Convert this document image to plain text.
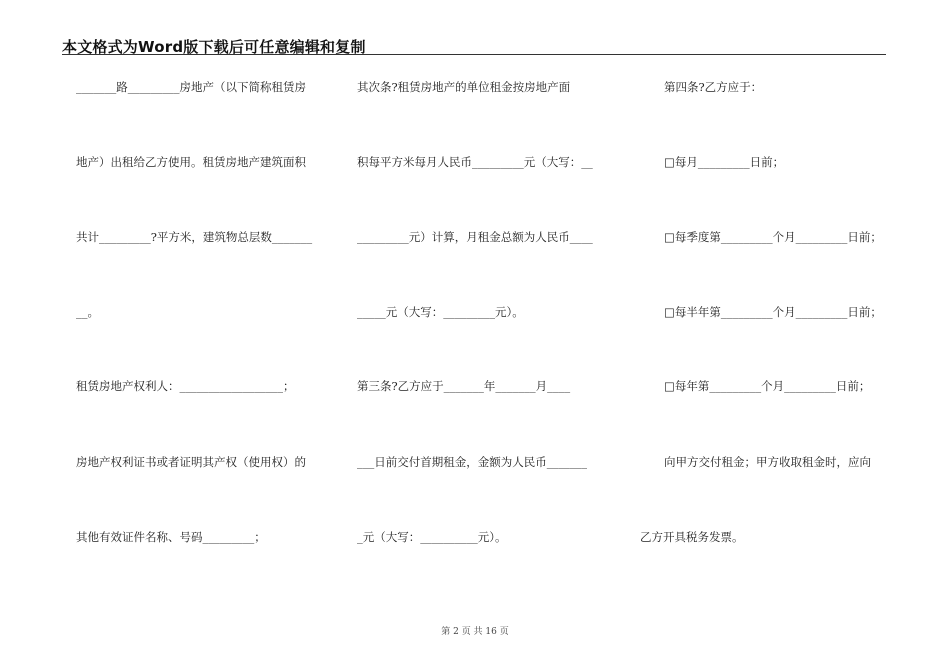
本文格式为Word版下载后可任意编辑和复制
_______路_________房地产（以下简称租赁房
地产）出租给乙方使用。租赁房地产建筑面积
共计_________?平方米，建筑物总层数_______
__。
租赁房地产权利人：__________________；
房地产权利证书或者证明其产权（使用权）的
其他有效证件名称、号码_________；
其次条?租赁房地产的单位租金按房地产面
积每平方米每月人民币_________元（大写：__
_________元）计算，月租金总额为人民币____
_____元（大写：_________元）。
第三条?乙方应于_______年_______月____
___日前交付首期租金，金额为人民币_______
_元（大写：__________元）。
第四条?乙方应于：
□每月_________日前；
□每季度第_________个月_________日前；
□每半年第_________个月_________日前；
□每年第_________个月_________日前；
向甲方交付租金；甲方收取租金时，应向
乙方开具税务发票。
第 2 页 共 16 页
